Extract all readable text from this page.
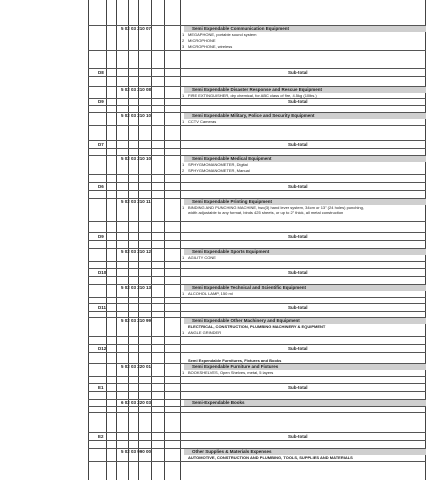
5 02 03 210 07	Semi Expendable Communication Equipment
1 MEGAPHONE, portable sound system
2 MICROPHONE
3 MICROPHONE, wireless
D8	Sub-total
5 02 03 210 08	Semi Expendable Disaster Response and Rescue Equipment
1 FIRE EXTINGUISHER, dry chemical, for ABC class of fire, 4.5kg (10lbs.)
D9	Sub-total
5 02 03 210 10	Semi Expendable Military, Police and Security Equipment
1 CCTV Cameras
D7	Sub-total
5 02 03 210 10	Semi Expendable Medical Equipment
1 SPHYGMOMANOMETER, Digital
2 SPHYGMOMANOMETER, Manual
D6	Sub-total
5 02 03 210 11	Semi Expendable Printing Equipment
1 BINDING AND PUNCHING MACHINE, two(3) hand lever system, 34cm or 13" (24 holes) punching,
width adjustable to any format, binds 425 sheets, or up to 2" thick, all metal construction
D9	Sub-total
5 02 03 210 12	Semi Expendable Sports Equipment
1 AGILITY CONE
D10	Sub-total
5 02 03 210 13	Semi Expendable Technical and Scientific Equipment
1 ALCOHOL LAMP, 150 ml
D11	Sub-total
5 02 03 210 99	Semi Expendable Other Machinery and Equipment
ELECTRICAL, CONSTRUCTION, PLUMBING MACHINERY & EQUIPMENT
1 ANGLE GRINDER
D12	Sub-total
Semi Expendable Furnitures, Fixtures and Books
5 02 03 220 01	Semi Expendable Furniture and Fixtures
1 BOOKSHELVES, Open Shelves, metal, 5 layers
E1	Sub-total
6 02 03 220 03	Semi-Expendable Books
E2	Sub-total
5 02 03 990 00	Other Supplies & Materials Expenses
AUTOMOTIVE, CONSTRUCTION AND PLUMBING, TOOLS, SUPPLIES AND MATERIALS
